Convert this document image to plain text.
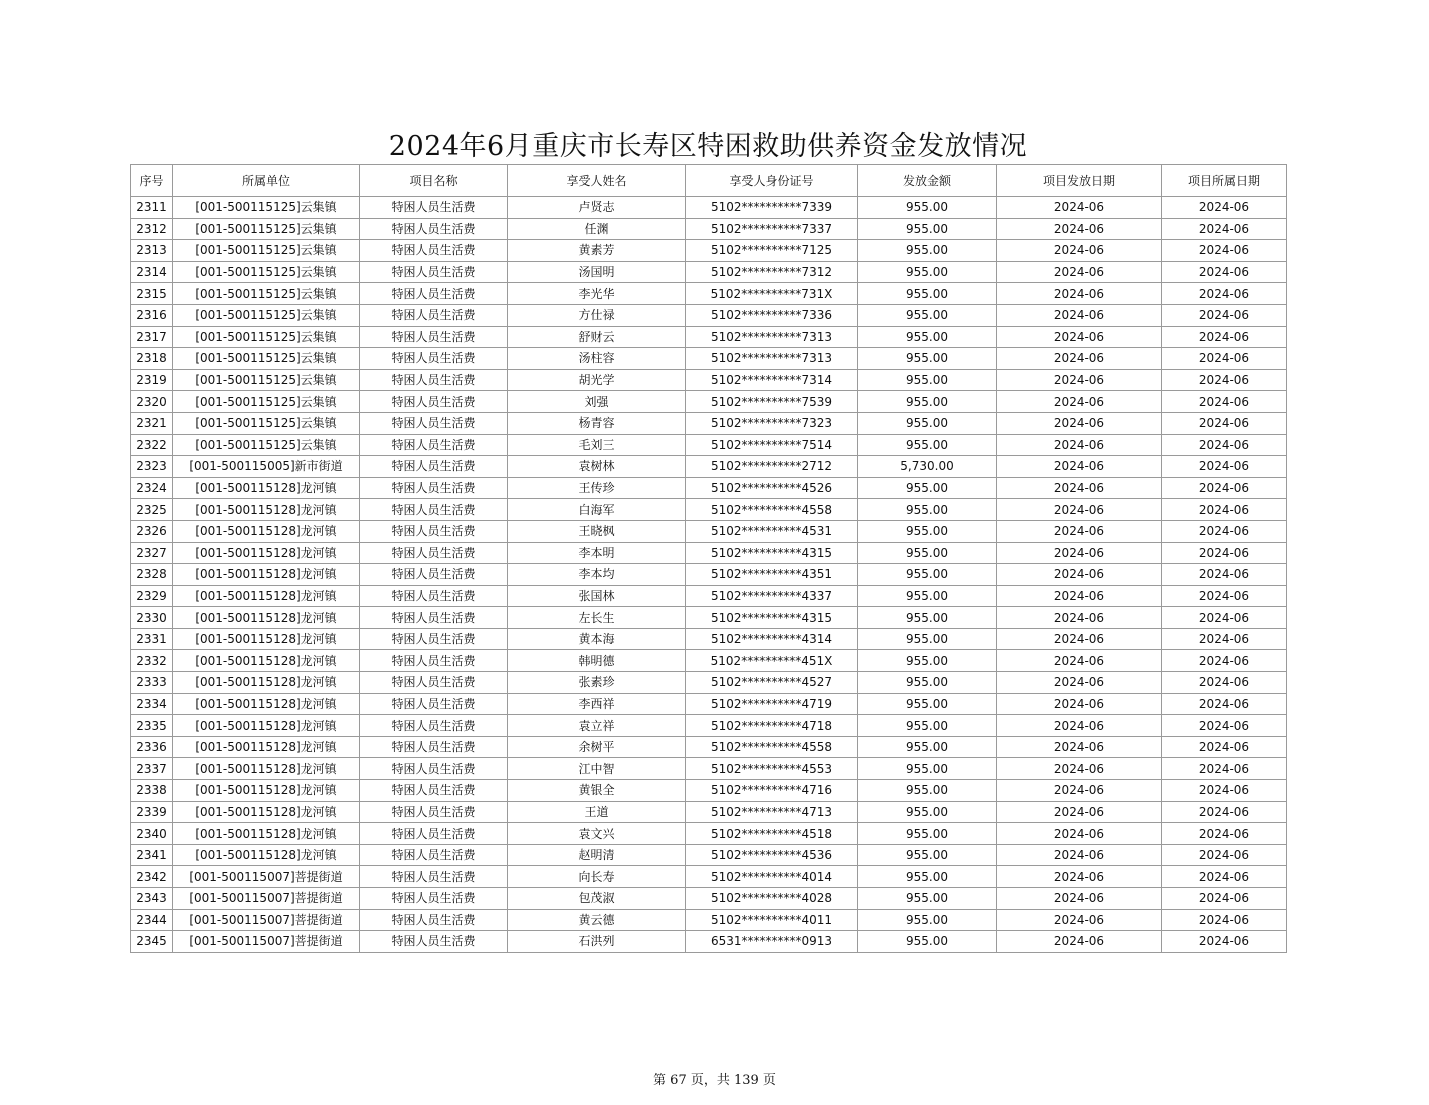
2024年6月重庆市长寿区特困救助供养资金发放情况
序号	所属单位	项目名称	享受人姓名	享受人身份证号	发放金额	项目发放日期	项目所属日期
2311	[001-500115125]云集镇	特困人员生活费	卢贤志	5102**********7339	955.00	2024-06	2024-06
2312	[001-500115125]云集镇	特困人员生活费	任渊	5102**********7337	955.00	2024-06	2024-06
2313	[001-500115125]云集镇	特困人员生活费	黄素芳	5102**********7125	955.00	2024-06	2024-06
2314	[001-500115125]云集镇	特困人员生活费	汤国明	5102**********7312	955.00	2024-06	2024-06
2315	[001-500115125]云集镇	特困人员生活费	李光华	5102**********731X	955.00	2024-06	2024-06
2316	[001-500115125]云集镇	特困人员生活费	方仕禄	5102**********7336	955.00	2024-06	2024-06
2317	[001-500115125]云集镇	特困人员生活费	舒财云	5102**********7313	955.00	2024-06	2024-06
2318	[001-500115125]云集镇	特困人员生活费	汤柱容	5102**********7313	955.00	2024-06	2024-06
2319	[001-500115125]云集镇	特困人员生活费	胡光学	5102**********7314	955.00	2024-06	2024-06
2320	[001-500115125]云集镇	特困人员生活费	刘强	5102**********7539	955.00	2024-06	2024-06
2321	[001-500115125]云集镇	特困人员生活费	杨青容	5102**********7323	955.00	2024-06	2024-06
2322	[001-500115125]云集镇	特困人员生活费	毛刘三	5102**********7514	955.00	2024-06	2024-06
2323	[001-500115005]新市街道	特困人员生活费	袁树林	5102**********2712	5,730.00	2024-06	2024-06
2324	[001-500115128]龙河镇	特困人员生活费	王传珍	5102**********4526	955.00	2024-06	2024-06
2325	[001-500115128]龙河镇	特困人员生活费	白海军	5102**********4558	955.00	2024-06	2024-06
2326	[001-500115128]龙河镇	特困人员生活费	王晓枫	5102**********4531	955.00	2024-06	2024-06
2327	[001-500115128]龙河镇	特困人员生活费	李本明	5102**********4315	955.00	2024-06	2024-06
2328	[001-500115128]龙河镇	特困人员生活费	李本均	5102**********4351	955.00	2024-06	2024-06
2329	[001-500115128]龙河镇	特困人员生活费	张国林	5102**********4337	955.00	2024-06	2024-06
2330	[001-500115128]龙河镇	特困人员生活费	左长生	5102**********4315	955.00	2024-06	2024-06
2331	[001-500115128]龙河镇	特困人员生活费	黄本海	5102**********4314	955.00	2024-06	2024-06
2332	[001-500115128]龙河镇	特困人员生活费	韩明德	5102**********451X	955.00	2024-06	2024-06
2333	[001-500115128]龙河镇	特困人员生活费	张素珍	5102**********4527	955.00	2024-06	2024-06
2334	[001-500115128]龙河镇	特困人员生活费	李西祥	5102**********4719	955.00	2024-06	2024-06
2335	[001-500115128]龙河镇	特困人员生活费	袁立祥	5102**********4718	955.00	2024-06	2024-06
2336	[001-500115128]龙河镇	特困人员生活费	余树平	5102**********4558	955.00	2024-06	2024-06
2337	[001-500115128]龙河镇	特困人员生活费	江中智	5102**********4553	955.00	2024-06	2024-06
2338	[001-500115128]龙河镇	特困人员生活费	黄银全	5102**********4716	955.00	2024-06	2024-06
2339	[001-500115128]龙河镇	特困人员生活费	王道	5102**********4713	955.00	2024-06	2024-06
2340	[001-500115128]龙河镇	特困人员生活费	袁文兴	5102**********4518	955.00	2024-06	2024-06
2341	[001-500115128]龙河镇	特困人员生活费	赵明清	5102**********4536	955.00	2024-06	2024-06
2342	[001-500115007]菩提街道	特困人员生活费	向长寿	5102**********4014	955.00	2024-06	2024-06
2343	[001-500115007]菩提街道	特困人员生活费	包茂淑	5102**********4028	955.00	2024-06	2024-06
2344	[001-500115007]菩提街道	特困人员生活费	黄云德	5102**********4011	955.00	2024-06	2024-06
2345	[001-500115007]菩提街道	特困人员生活费	石洪列	6531**********0913	955.00	2024-06	2024-06
第 67 页，共 139 页
